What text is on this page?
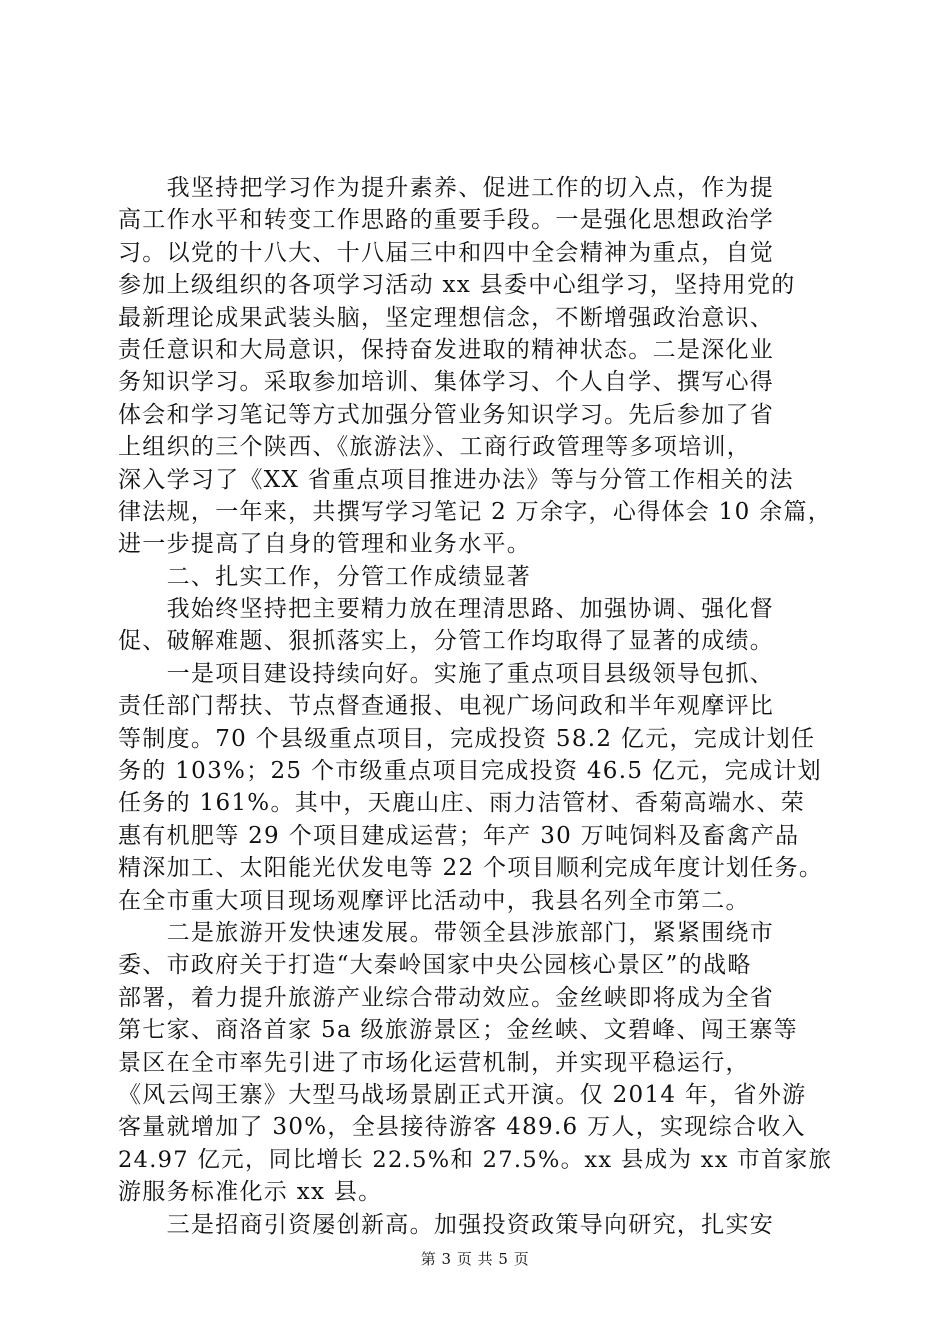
　　我坚持把学习作为提升素养、促进工作的切入点，作为提
高工作水平和转变工作思路的重要手段。一是强化思想政治学
习。以党的十八大、十八届三中和四中全会精神为重点，自觉
参加上级组织的各项学习活动 xx 县委中心组学习，坚持用党的
最新理论成果武装头脑，坚定理想信念，不断增强政治意识、
责任意识和大局意识，保持奋发进取的精神状态。二是深化业
务知识学习。采取参加培训、集体学习、个人自学、撰写心得
体会和学习笔记等方式加强分管业务知识学习。先后参加了省
上组织的三个陕西、《旅游法》、工商行政管理等多项培训，
深入学习了《XX 省重点项目推进办法》等与分管工作相关的法
律法规，一年来，共撰写学习笔记 2 万余字，心得体会 10 余篇，
进一步提高了自身的管理和业务水平。
　　二、扎实工作，分管工作成绩显著
　　我始终坚持把主要精力放在理清思路、加强协调、强化督
促、破解难题、狠抓落实上，分管工作均取得了显著的成绩。
　　一是项目建设持续向好。实施了重点项目县级领导包抓、
责任部门帮扶、节点督查通报、电视广场问政和半年观摩评比
等制度。70 个县级重点项目，完成投资 58.2 亿元，完成计划任
务的 103%；25 个市级重点项目完成投资 46.5 亿元，完成计划
任务的 161%。其中，天鹿山庄、雨力洁管材、香菊高端水、荣
惠有机肥等 29 个项目建成运营；年产 30 万吨饲料及畜禽产品
精深加工、太阳能光伏发电等 22 个项目顺利完成年度计划任务。
在全市重大项目现场观摩评比活动中，我县名列全市第二。
　　二是旅游开发快速发展。带领全县涉旅部门，紧紧围绕市
委、市政府关于打造“大秦岭国家中央公园核心景区”的战略
部署，着力提升旅游产业综合带动效应。金丝峡即将成为全省
第七家、商洛首家 5a 级旅游景区；金丝峡、文碧峰、闯王寨等
景区在全市率先引进了市场化运营机制，并实现平稳运行，
《风云闯王寨》大型马战场景剧正式开演。仅 2014 年，省外游
客量就增加了 30%，全县接待游客 489.6 万人，实现综合收入
24.97 亿元，同比增长 22.5%和 27.5%。xx 县成为 xx 市首家旅
游服务标准化示 xx 县。
　　三是招商引资屡创新高。加强投资政策导向研究，扎实安
第 3 页 共 5 页
